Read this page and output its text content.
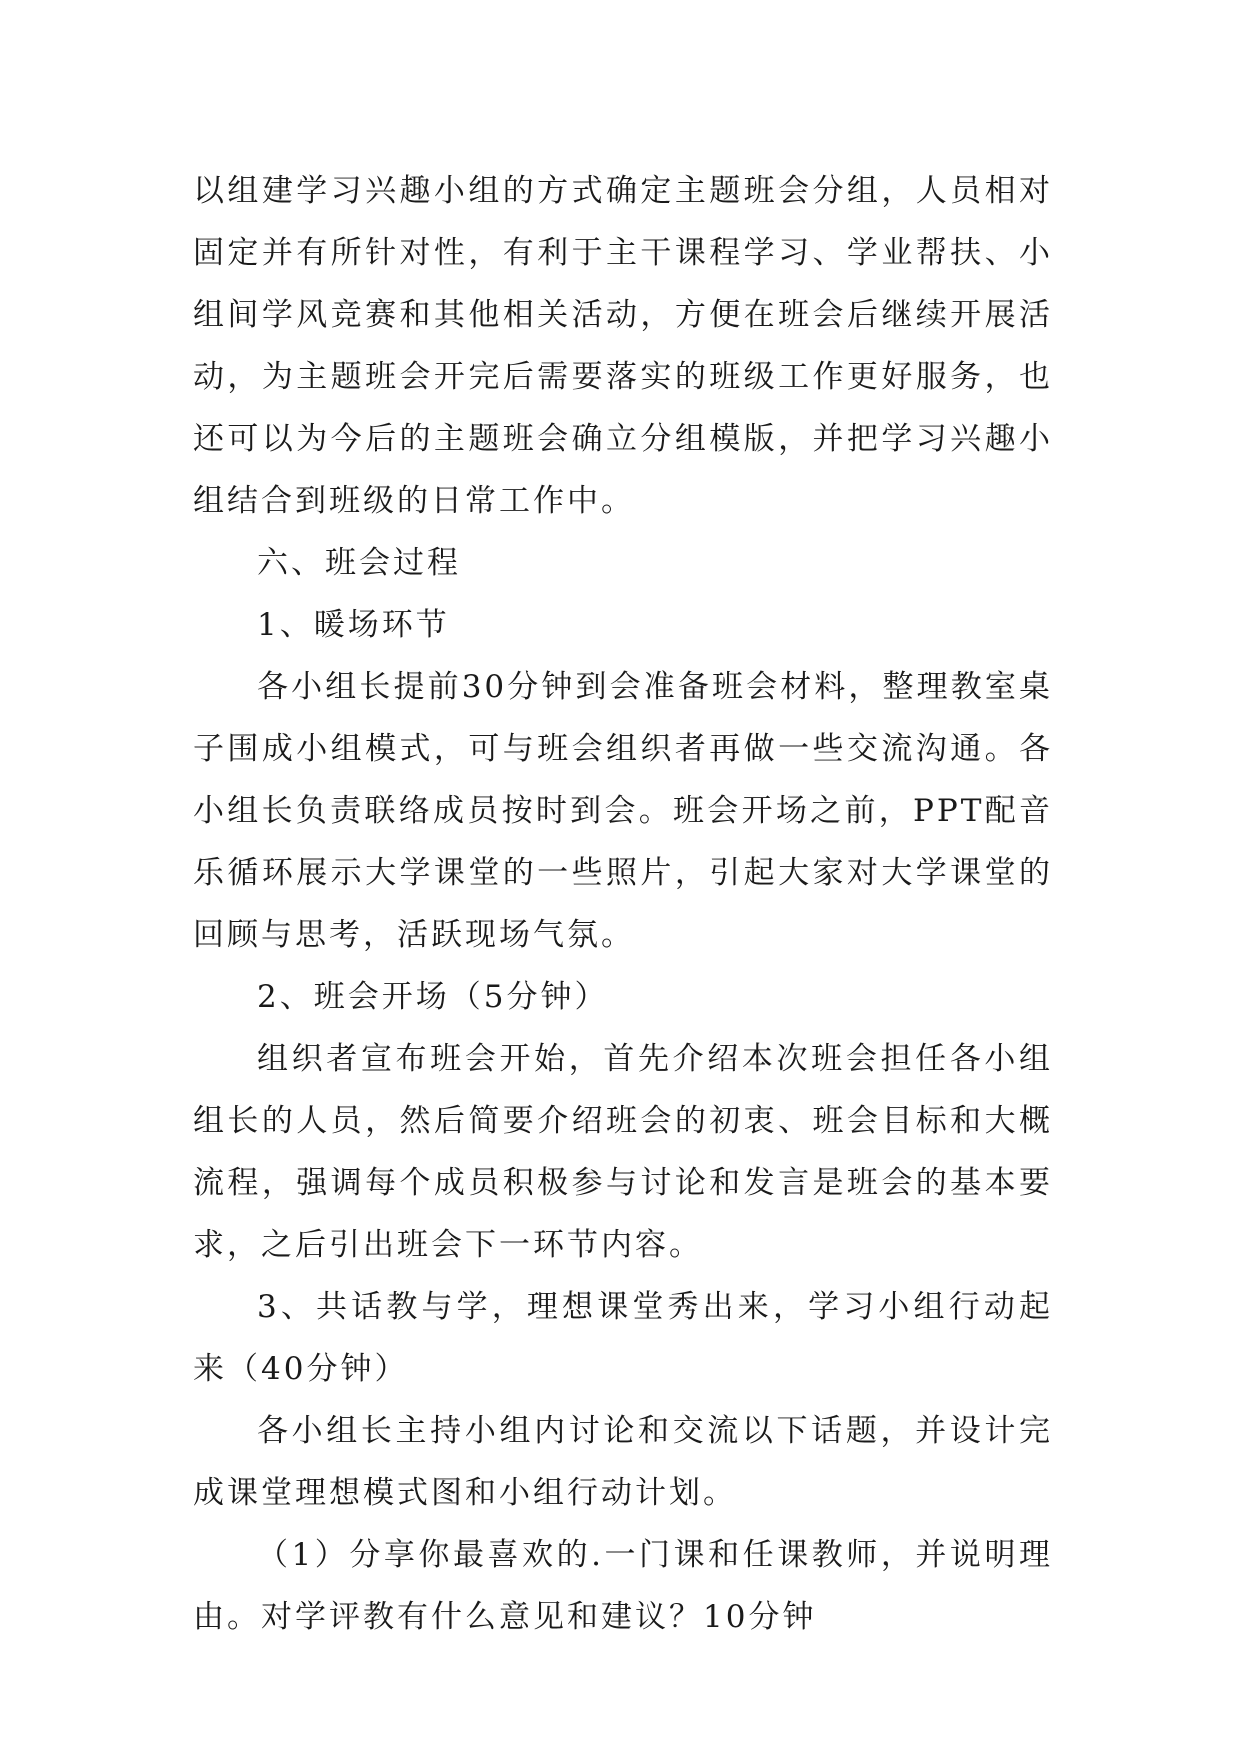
以组建学习兴趣小组的方式确定主题班会分组，人员相对固定并有所针对性，有利于主干课程学习、学业帮扶、小组间学风竞赛和其他相关活动，方便在班会后继续开展活动，为主题班会开完后需要落实的班级工作更好服务，也还可以为今后的主题班会确立分组模版，并把学习兴趣小组结合到班级的日常工作中。

六、班会过程

1、暖场环节

各小组长提前30分钟到会准备班会材料，整理教室桌子围成小组模式，可与班会组织者再做一些交流沟通。各小组长负责联络成员按时到会。班会开场之前，PPT配音乐循环展示大学课堂的一些照片，引起大家对大学课堂的回顾与思考，活跃现场气氛。

2、班会开场（5分钟）

组织者宣布班会开始，首先介绍本次班会担任各小组组长的人员，然后简要介绍班会的初衷、班会目标和大概流程，强调每个成员积极参与讨论和发言是班会的基本要求，之后引出班会下一环节内容。

3、共话教与学，理想课堂秀出来，学习小组行动起来（40分钟）

各小组长主持小组内讨论和交流以下话题，并设计完成课堂理想模式图和小组行动计划。

（1）分享你最喜欢的.一门课和任课教师，并说明理由。对学评教有什么意见和建议？10分钟
